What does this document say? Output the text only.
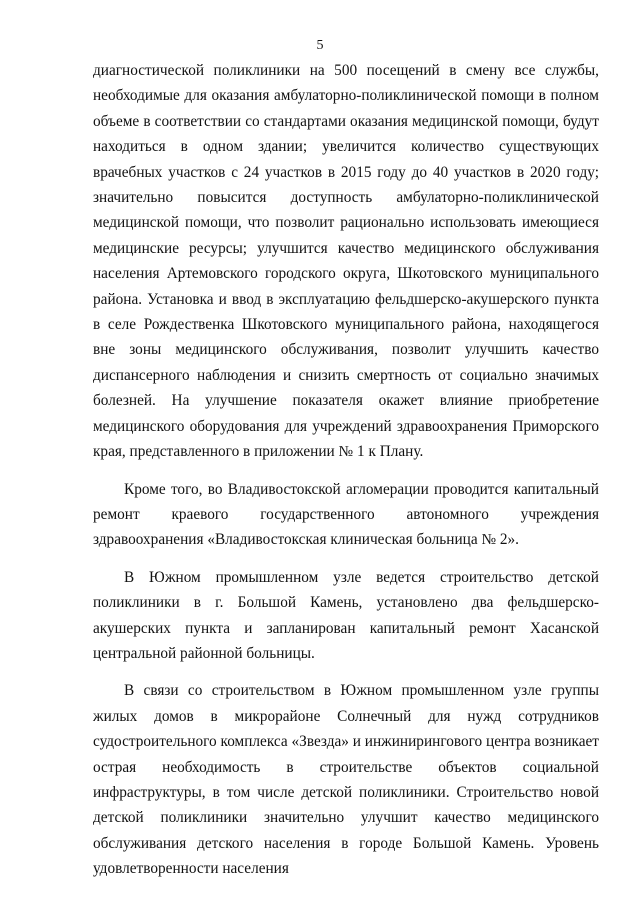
5

диагностической поликлиники на 500 посещений в смену все службы, необходимые для оказания амбулаторно-поликлинической помощи в полном объеме в соответствии со стандартами оказания медицинской помощи, будут находиться в одном здании; увеличится количество существующих врачебных участков с 24 участков в 2015 году до 40 участков в 2020 году; значительно повысится доступность амбулаторно-поликлинической медицинской помощи, что позволит рационально использовать имеющиеся медицинские ресурсы; улучшится качество медицинского обслуживания населения Артемовского городского округа, Шкотовского муниципального района. Установка и ввод в эксплуатацию фельдшерско-акушерского пункта в селе Рождественка Шкотовского муниципального района, находящегося вне зоны медицинского обслуживания, позволит улучшить качество диспансерного наблюдения и снизить смертность от социально значимых болезней. На улучшение показателя окажет влияние приобретение медицинского оборудования для учреждений здравоохранения Приморского края, представленного в приложении № 1 к Плану.

Кроме того, во Владивостокской агломерации проводится капитальный ремонт краевого государственного автономного учреждения здравоохранения «Владивостокская клиническая больница № 2».

В Южном промышленном узле ведется строительство детской поликлиники в г. Большой Камень, установлено два фельдшерско-акушерских пункта и запланирован капитальный ремонт Хасанской центральной районной больницы.

В связи со строительством в Южном промышленном узле группы жилых домов в микрорайоне Солнечный для нужд сотрудников судостроительного комплекса «Звезда» и инжинирингового центра возникает острая необходимость в строительстве объектов социальной инфраструктуры, в том числе детской поликлиники. Строительство новой детской поликлиники значительно улучшит качество медицинского обслуживания детского населения в городе Большой Камень. Уровень удовлетворенности населения
